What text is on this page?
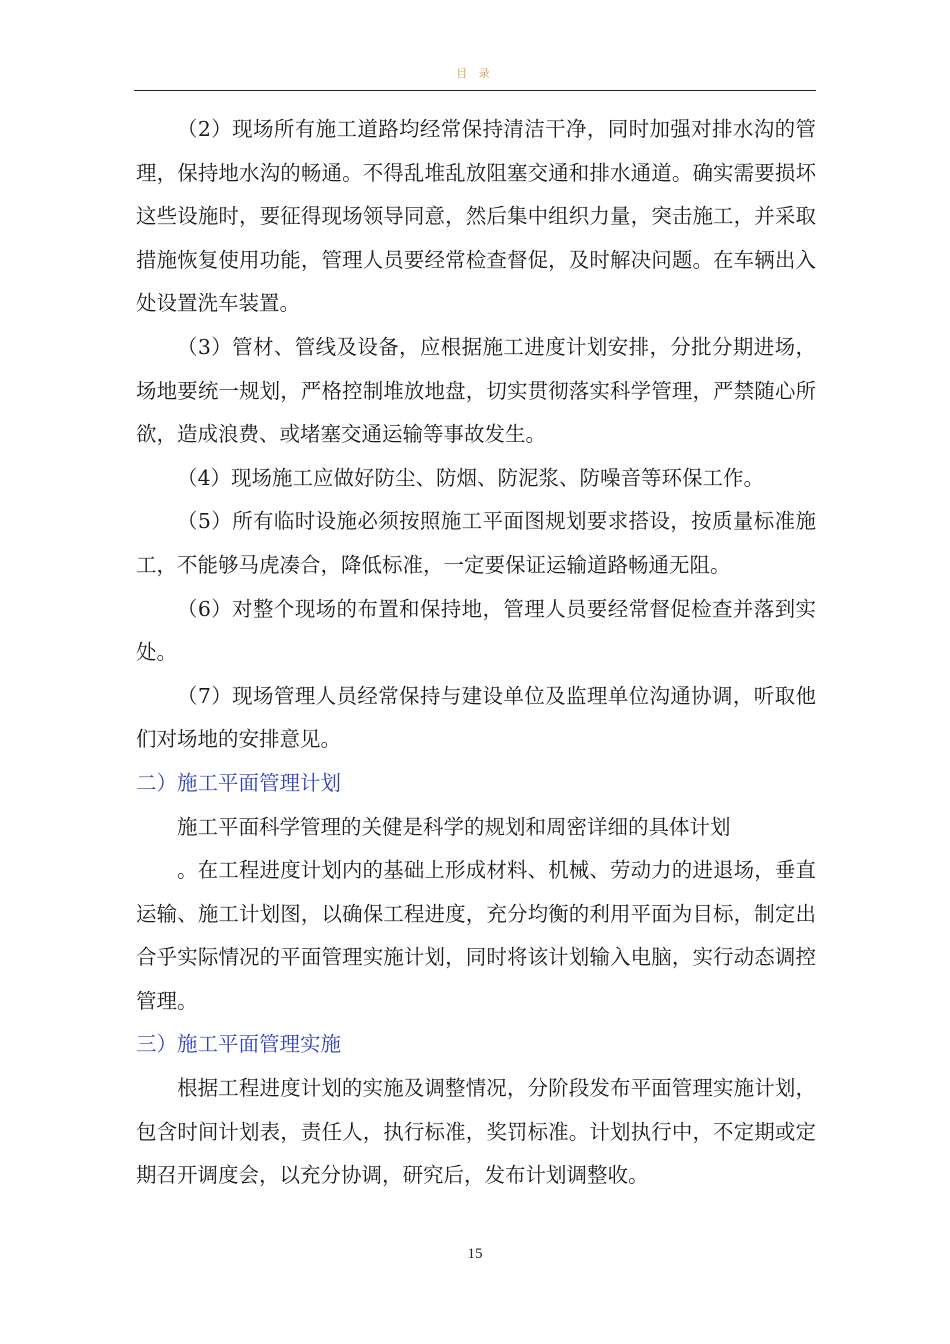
目 录

（2）现场所有施工道路均经常保持清洁干净，同时加强对排水沟的管理，保持地水沟的畅通。不得乱堆乱放阻塞交通和排水通道。确实需要损坏这些设施时，要征得现场领导同意，然后集中组织力量，突击施工，并采取措施恢复使用功能，管理人员要经常检查督促，及时解决问题。在车辆出入处设置洗车装置。

（3）管材、管线及设备，应根据施工进度计划安排，分批分期进场，场地要统一规划，严格控制堆放地盘，切实贯彻落实科学管理，严禁随心所欲，造成浪费、或堵塞交通运输等事故发生。

（4）现场施工应做好防尘、防烟、防泥浆、防噪音等环保工作。

（5）所有临时设施必须按照施工平面图规划要求搭设，按质量标准施工，不能够马虎凑合，降低标准，一定要保证运输道路畅通无阻。

（6）对整个现场的布置和保持地，管理人员要经常督促检查并落到实处。

（7）现场管理人员经常保持与建设单位及监理单位沟通协调，听取他们对场地的安排意见。

二）施工平面管理计划

施工平面科学管理的关健是科学的规划和周密详细的具体计划

。在工程进度计划内的基础上形成材料、机械、劳动力的进退场，垂直运输、施工计划图，以确保工程进度，充分均衡的利用平面为目标，制定出合乎实际情况的平面管理实施计划，同时将该计划输入电脑，实行动态调控管理。

三）施工平面管理实施

根据工程进度计划的实施及调整情况，分阶段发布平面管理实施计划，包含时间计划表，责任人，执行标准，奖罚标准。计划执行中，不定期或定期召开调度会，以充分协调，研究后，发布计划调整收。

15
